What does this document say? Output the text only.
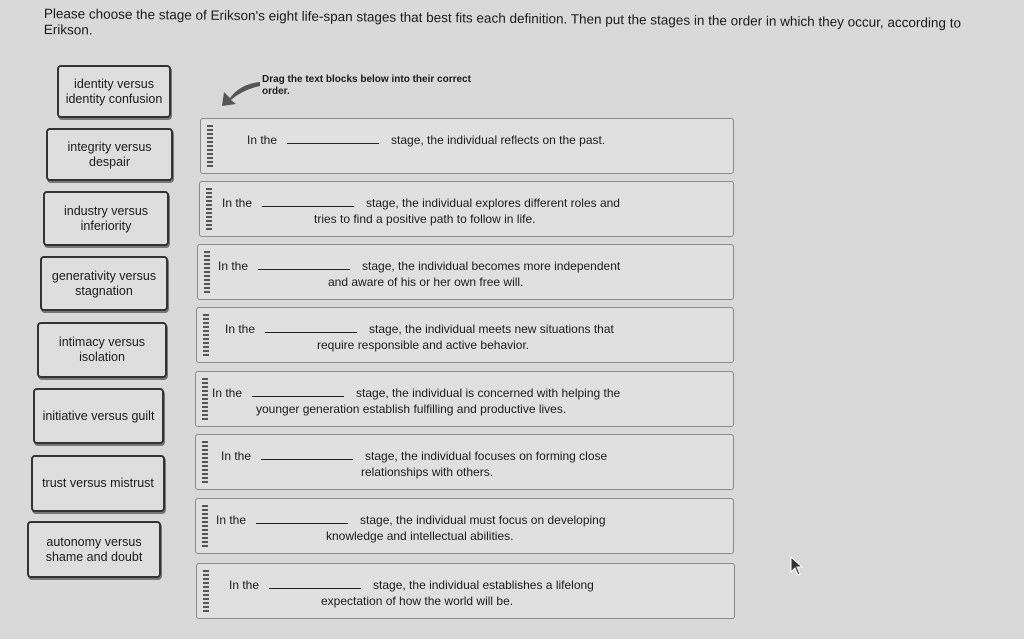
Please choose the stage of Erikson's eight life-span stages that best fits each definition. Then put the stages in the order in which they occur, according to Erikson.
identity versus identity confusion
integrity versus despair
industry versus inferiority
generativity versus stagnation
intimacy versus isolation
initiative versus guilt
trust versus mistrust
autonomy versus shame and doubt
Drag the text blocks below into their correct order.
In the	stage, the individual reflects on the past.
In the	stage, the individual explores different roles and
tries to find a positive path to follow in life.
In the	stage, the individual becomes more independent
and aware of his or her own free will.
In the	stage, the individual meets new situations that
require responsible and active behavior.
In the	stage, the individual is concerned with helping the
younger generation establish fulfilling and productive lives.
In the	stage, the individual focuses on forming close
relationships with others.
In the	stage, the individual must focus on developing
knowledge and intellectual abilities.
In the	stage, the individual establishes a lifelong
expectation of how the world will be.
